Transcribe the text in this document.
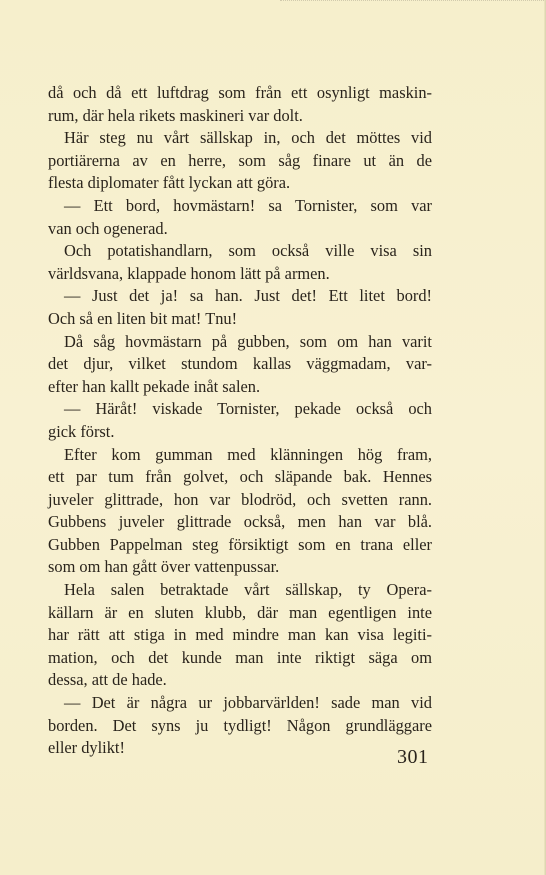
då och då ett luftdrag som från ett osynligt maskin-
rum, där hela rikets maskineri var dolt.
Här steg nu vårt sällskap in, och det möttes vid
portiärerna av en herre, som såg finare ut än de
flesta diplomater fått lyckan att göra.
— Ett bord, hovmästarn! sa Tornister, som var
van och ogenerad.
Och potatishandlarn, som också ville visa sin
världsvana, klappade honom lätt på armen.
— Just det ja! sa han. Just det! Ett litet bord!
Och så en liten bit mat! Tnu!
Då såg hovmästarn på gubben, som om han varit
det djur, vilket stundom kallas väggmadam, var-
efter han kallt pekade inåt salen.
— Häråt! viskade Tornister, pekade också och
gick först.
Efter kom gumman med klänningen hög fram,
ett par tum från golvet, och släpande bak. Hennes
juveler glittrade, hon var blodröd, och svetten rann.
Gubbens juveler glittrade också, men han var blå.
Gubben Pappelman steg försiktigt som en trana eller
som om han gått över vattenpussar.
Hela salen betraktade vårt sällskap, ty Opera-
källarn är en sluten klubb, där man egentligen inte
har rätt att stiga in med mindre man kan visa legiti-
mation, och det kunde man inte riktigt säga om
dessa, att de hade.
— Det är några ur jobbarvärlden! sade man vid
borden. Det syns ju tydligt! Någon grundläggare
eller dylikt!	301
